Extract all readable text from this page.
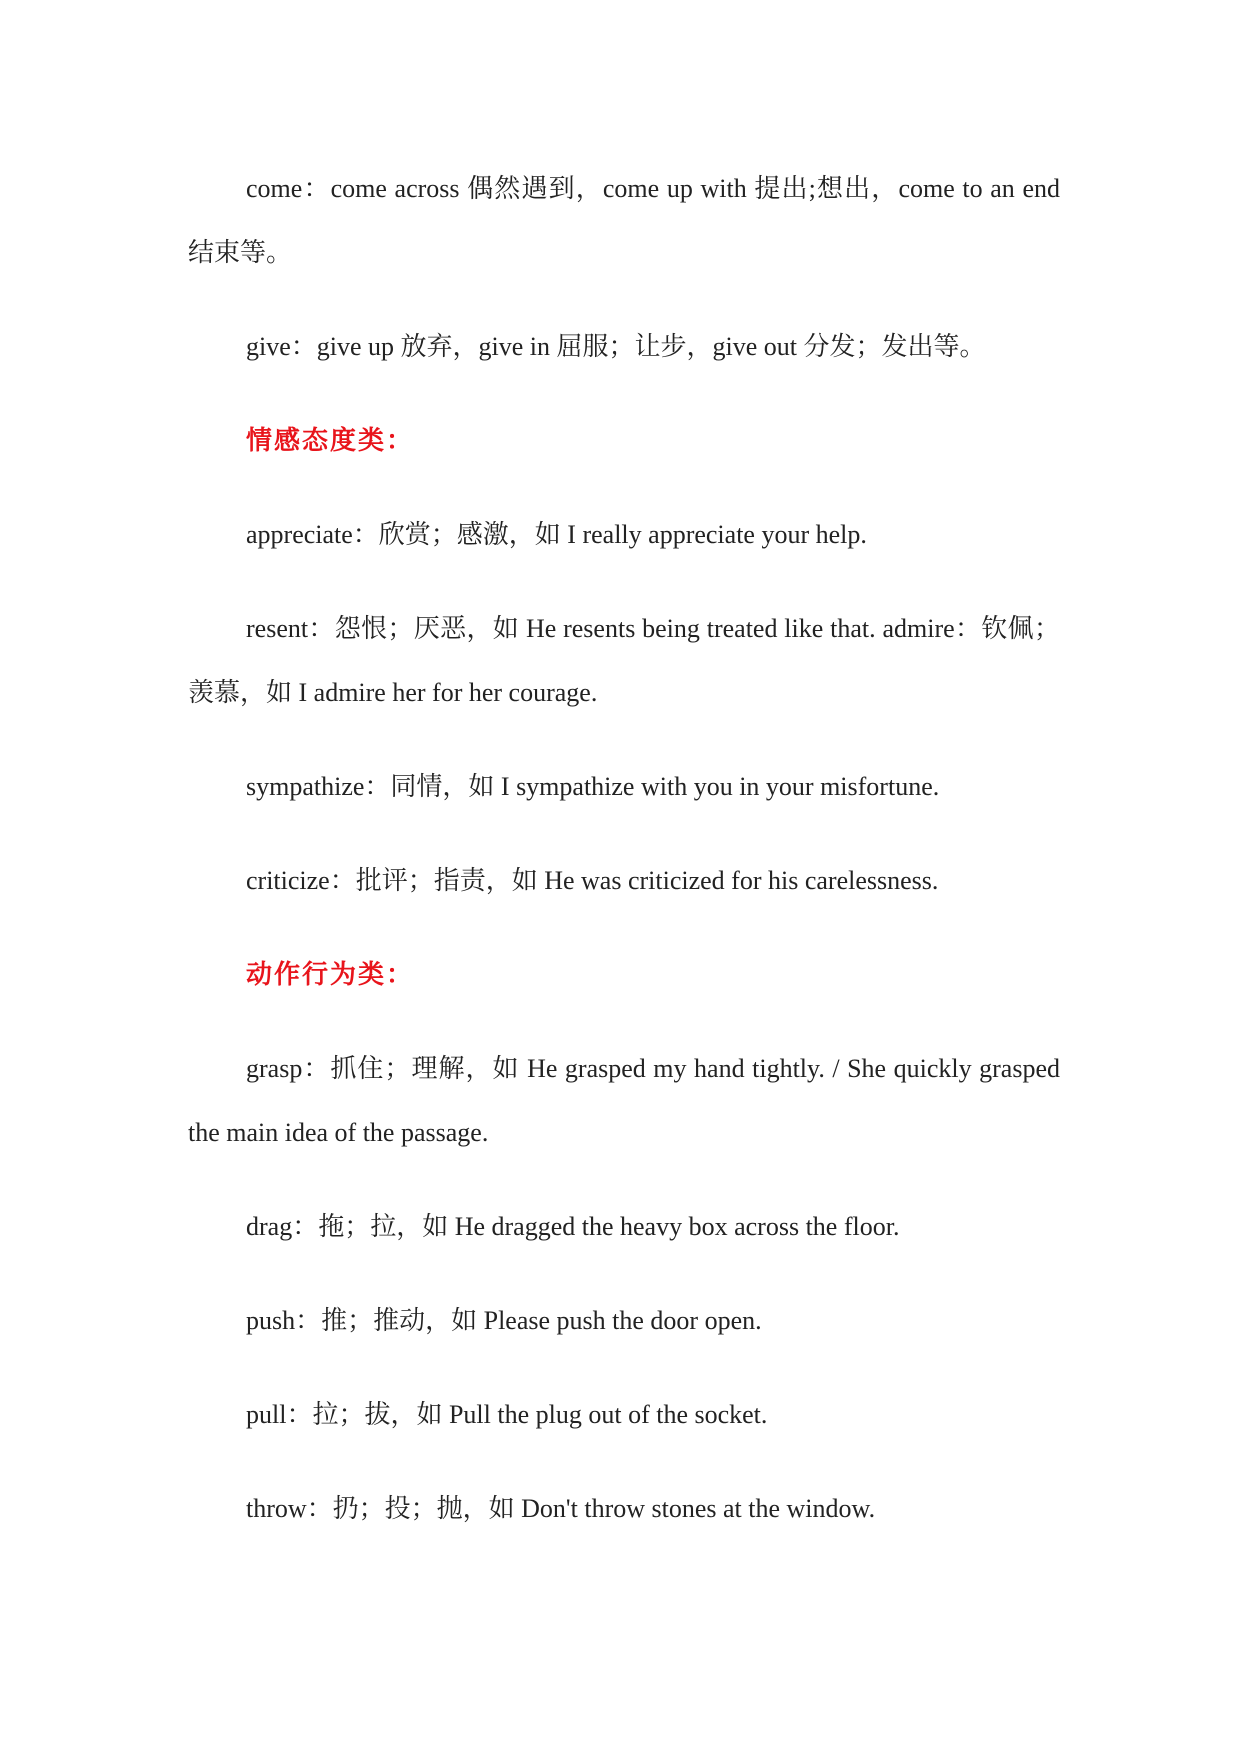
come：come across 偶然遇到，come up with 提出;想出，come to an end 结束等。

give：give up 放弃，give in 屈服；让步，give out 分发；发出等。

情感态度类：

appreciate：欣赏；感激，如 I really appreciate your help.

resent：怨恨；厌恶，如 He resents being treated like that. admire：钦佩；羡慕，如 I admire her for her courage.

sympathize：同情，如 I sympathize with you in your misfortune.

criticize：批评；指责，如 He was criticized for his carelessness.

动作行为类：

grasp：抓住；理解，如 He grasped my hand tightly. / She quickly grasped the main idea of the passage.

drag：拖；拉，如 He dragged the heavy box across the floor.

push：推；推动，如 Please push the door open.

pull：拉；拔，如 Pull the plug out of the socket.

throw：扔；投；抛，如 Don't throw stones at the window.
